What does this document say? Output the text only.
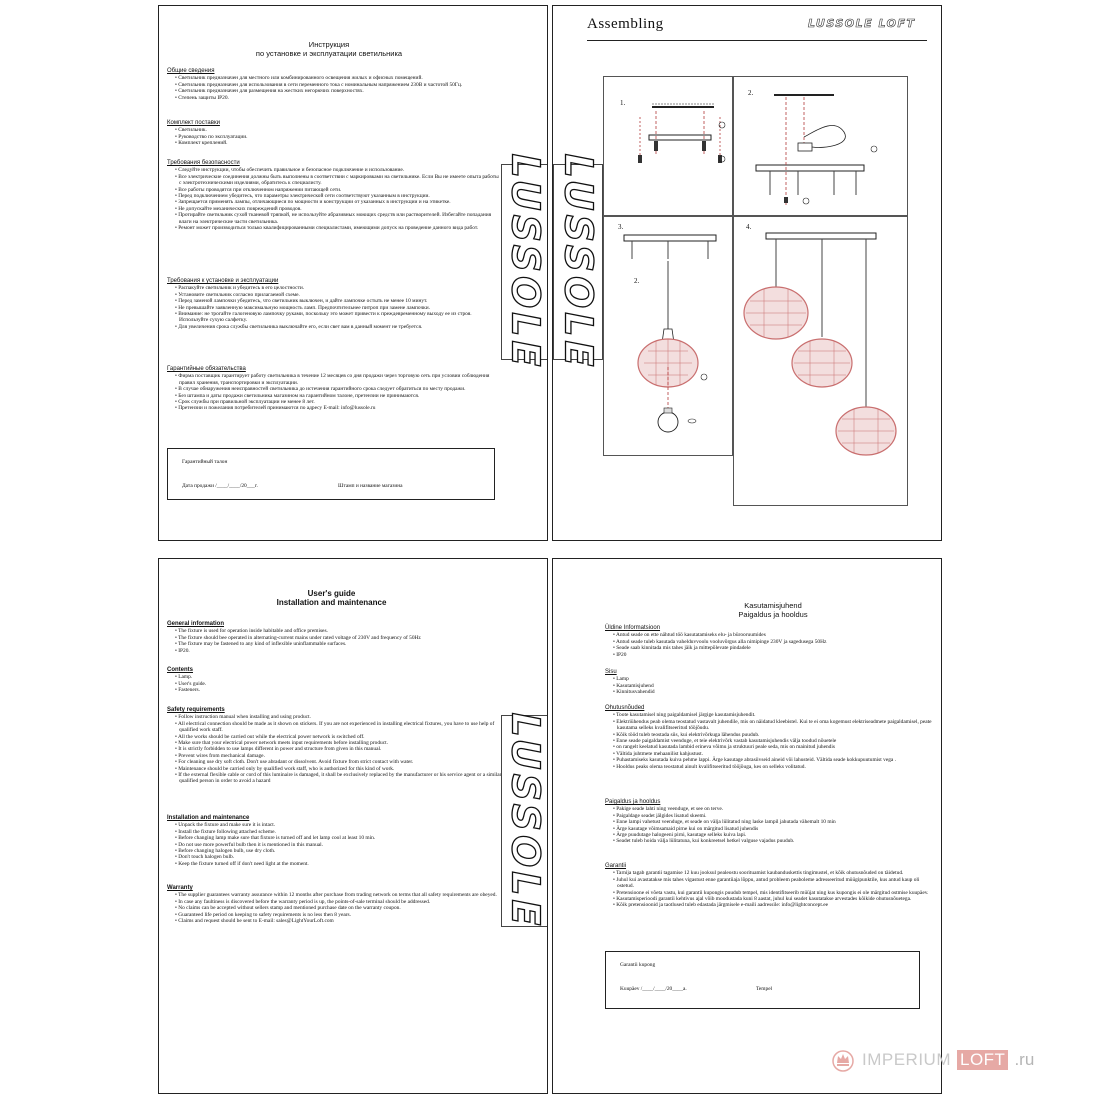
Инструкция
по установке и эксплуатации светильника
Общие сведения
• Светильник предназначен для местного или комбинированного освещения жилых и офисных помещений.
• Светильник предназначен для использования в сети переменного тока с номинальным напряжением 230В и частотой 50Гц.
• Светильник предназначен для размещения на жестких негорючих поверхностях.
• Степень защиты IP20.
Комплект поставки
• Светильник.
• Руководство по эксплуатации.
• Комплект креплений.
Требования безопасности
• Следуйте инструкции, чтобы обеспечить правильное и безопасное подключение и использование.
• Все электрические соединения должны быть выполнены в соответствии с маркировками на светильнике. Если Вы не имеете опыта работы с электротехническими изделиями, обратитесь к специалисту.
• Все работы проводятся при отключенном напряжении питающей сети.
• Перед подключением убедитесь, что параметры электрической сети соответствуют указанным в инструкции.
• Запрещается применять лампы, отличающиеся по мощности и конструкции от указанных в инструкции и на этикетке.
• Не допускайте механических повреждений проводов.
• Протирайте светильник сухой тканевой тряпкой, не используйте абразивных моющих средств или растворителей. Избегайте попадания влаги на электрические части светильника.
• Ремонт может производиться только квалифицированными специалистами, имеющими допуск на проведение данного вида работ.
Требования к установке и эксплуатации
• Распакуйте светильник и убедитесь в его целостности.
• Установите светильник согласно прилагаемой схеме.
• Перед заменой лампочки убедитесь, что светильник выключен, и дайте лампочке остыть не менее 10 минут.
• Не превышайте заявленную максимальную мощность ламп. Предпочтительнее питроп при замене лампочки.
• Внимание: не трогайте галогеновую лампочку руками, поскольку это может привести к преждевременному выходу ее из строя. Используйте сухую салфетку.
• Для увеличения срока службы светильника выключайте его, если свет вам в данный момент не требуется.
Гарантийные обязательства
• Фирма поставщик гарантирует работу светильника в течение 12 месяцев со дня продажи через торговую сеть при условии соблюдения правил хранения, транспортировки и эксплуатации.
• В случае обнаружения неисправностей светильника до истечения гарантийного срока следует обратиться по месту продажи.
• Без штампа и даты продажи светильника магазином на гарантийном талоне, претензии не принимаются.
• Срок службы при правильной эксплуатации не менее 8 лет.
• Претензии и пожелания потребителей принимаются по адресу E-mail: info@lussole.ru
Гарантийный талон
Дата продажи /____/____/20___г.	Штамп и название магазина
LUSSOLE LUSSOLE
Assembling	LUSSOLE LOFT
1.
2.
3.
2.
4.
User's guide
Installation and maintenance
General information
• The fixture is used for operation inside habitable and office premises.
• The fixture should bee operated in alternating-current mains under rated voltage of 230V and frequency of 50Hz
• The fixture may be fastened to any kind of inflexible uninflammable surfaces.
• IP20.
Contents
• Lamp.
• User's guide.
• Fasteners.
Safety requirements
• Follow instruction manual when installing and using product.
• All electrical connection should be made as it shown on stickers. If you are not experienced in installing electrical fixtures, you have to use help of qualified work staff.
• All the works should be carried out while the electrical power network is switched off.
• Make sure that your electrical power network meets input requirements before installing product.
• It is strictly forbidden to use lamps different in power and structure from given in this manual.
• Prevent wires from mechanical damage.
• For cleaning use dry soft cloth. Don't use abradant or dissolvent. Avoid fixture from strict contact with water.
• Maintenance should be carried only by qualified work staff, who is authorized for this kind of work.
• If the external flexible cable or cord of this luminaire is damaged, it shall be exclusively replaced by the manufacturer or his service agent or a similar qualified person in order to avoid a hazard
Installation and maintenance
• Unpack the fixture and make sure it is intact.
• Install the fixture following attached scheme.
• Before changing lamp make sure that fixture is turned off and let lamp cool at least 10 min.
• Do not use more powerful bulb then it is mentioned in this manual.
• Before changing halogen bulb, use dry cloth.
• Don't touch halogen bulb.
• Keep the fixture turned off if don't need light at the moment.
Warranty
• The supplier guarantees warranty assurance within 12 months after purchase from trading network on terms that all safety requirements are obeyed.
• In case any faultiness is discovered before the warranty period is up, the points-of-sale terminal should be addressed.
• No claims can be accepted without sellers stamp and mentioned purchase date on the warranty coupon.
• Guaranteed life period on keeping to safety requirements is no less then 8 years.
• Claims and request should be sent to E-mail: sales@LightYourLoft.com	LUSSOLE
Kasutamisjuhend
Paigaldus ja hooldus
Üldine Informatsioon
• Antud seade on ette nähtud töö kasutatamiseks elu- ja büroоruumides
• Antud seade tuleb kasutada vahelduvvoolu vooluvõrgus alla nimipinge 230V ja sagedusega 50Hz
• Seade saab kinnitada mis tahes jäik ja mittepõlevate pindadele
• IP20
Sisu
• Lamp
• Kasutamisjuhend
• Kinnitusvahendid
Ohutusnõuded
• Toote kasutamisel ning paigaldamisel järgige kasutamisjuhendit.
• Elektriühendus peab olema teostatud vastavalt juhendile, mis on näidatud kleebistel. Kui te ei oma kogemust elektriseadmete paigaldamisel, peate kasutama selleks kvalifitseeritud tööjõudu.
• Kõik tööd tuleb teostada siis, kui elektrivõrkuga lähendus puudub.
• Enne seade paigaldamist veenduge, et teie elektrivõrk vastab kasutamisjuhendis välja toodud nõuetele
• on rangelt keelatud kasutada lambid erineva võimu ja struktuuri peale seda, mis on mainitud juhendis
• Vältida juhtmete mehaanilist kahjustust.
• Puhastamiseks kasutada kuiva pehme lappi. Ärge kasutage abrasiivseid aineid või lahusteid. Vältida seade kokkupuutumist vega .
• Hooldus peaks olema teostatud ainult kvalifitseeritud tööjõuga, kes on selleks volitatud.
Paigaldus ja hooldus
• Pakige seade lahti ning veenduge, et see on terve.
• Paigaldage seadet jälgides lisatud skeemi.
• Enne lampi vahetust veenduge, et seade on välja lülitatud ning laske lampil jahutada vähemalt 10 min
• Ärge kasutage võimsamaid pirne kui on märgitud lisatud juhendis
• Ärge puudutage halogeeni pirni, kasutage selleks kuiva lapi.
• Seadet tuleb hoida välja lülitatuna, kui konkreetsel hetkel valguse vajadus puudub.
Garantii
• Tarnija tagab garantii tagamise 12 kuu jooksul pealeostu soorituamist kaubanduskettis tingimustel, et kõik ohutusnõuded on täidetud.
• Juhul kui avastatakse mis tahes vigastust enne garantiiaja lõppu, antud probleem peaboleme adresseeritud müügipunktile, kus antud kaup oli ostetud.
• Pretensioone ei võeta vastu, kui garantii kupongis puudub tempel, mis identifitseerib müüjat ning kus kupongis ei ole märgitud ostmise kuupäev.
• Kasutamisperioodi garantii kehtivus ajal võib moodustada kuni 8 aastat, juhul kui seadet kasutatakse arvestades kõikide ohutusnõuetega.
• Kõik pretensioonid ja taotlused tuleb edastada järgmisele e-maili aadressile: info@lightconcept.ee
Garantii kupong
Kuupäev /____/____/20____a.	Tempel
IMPERIUM LOFT .ru
